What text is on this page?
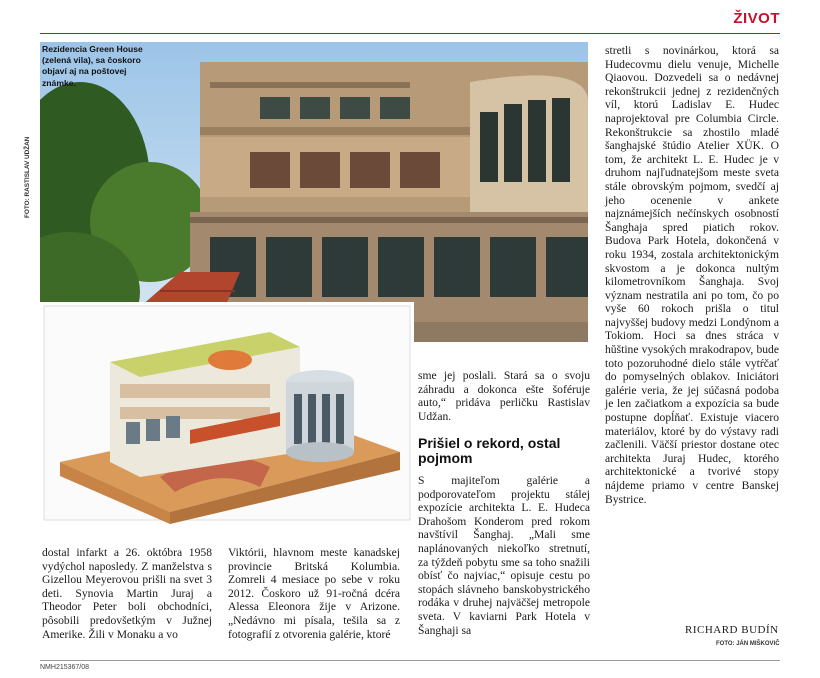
ŽIVOT
Rezidencia Green House (zelená vila), sa čoskoro objaví aj na poštovej známke.
FOTO: RASTISLAV UDŽAN

dostal infarkt a 26. októbra 1958 vydýchol naposledy. Z manželstva s Gizellou Meyerovou prišli na svet 3 deti. Synovia Martin Juraj a Theodor Peter boli obchodníci, pôsobili predovšetkým v Južnej Amerike. Žili v Monaku a vo

Viktórii, hlavnom meste kanadskej provincie Britská Kolumbia. Zomreli 4 mesiace po sebe v roku 2012. Čoskoro už 91-ročná dcéra Alessa Eleonora žije v Arizone. „Nedávno mi písala, tešila sa z fotografií z otvorenia galérie, ktoré

sme jej poslali. Stará sa o svoju záhradu a dokonca ešte šoféruje auto,“ pridáva perličku Rastislav Udžan.

Prišiel o rekord, ostal pojmom

S majiteľom galérie a podporovateľom projektu stálej expozície architekta L. E. Hudeca Drahošom Konderom pred rokom navštívil Šanghaj. „Mali sme naplánovaných niekoľko stretnutí, za týždeň pobytu sme sa toho snažili obísť čo najviac,“ opisuje cestu po stopách slávneho banskobystrického rodáka v druhej najväčšej metropole sveta. V kaviarni Park Hotela v Šanghaji sa

stretli s novinárkou, ktorá sa Hudecovmu dielu venuje, Michelle Qiaovou. Dozvedeli sa o nedávnej rekonštrukcii jednej z rezidenčných víl, ktorú Ladislav E. Hudec naprojektoval pre Columbia Circle. Rekonštrukcie sa zhostilo mladé šanghajské štúdio Atelier XÜK. O tom, že architekt L. E. Hudec je v druhom najľudnatejšom meste sveta stále obrovským pojmom, svedčí aj jeho ocenenie v ankete najznámejších nečínskych osobností Šanghaja spred piatich rokov. Budova Park Hotela, dokončená v roku 1934, zostala architektonickým skvostom a je dokonca nultým kilometrovníkom Šanghaja. Svoj význam nestratila ani po tom, čo po vyše 60 rokoch prišla o titul najvyššej budovy medzi Londýnom a Tokiom. Hoci sa dnes stráca v hŭštine vysokých mrakodrapov, bude toto pozoruhodné dielo stále vytŕčať do pomyselných oblakov. Iniciátori galérie veria, že jej súčasná podoba je len začiatkom a expozícia sa bude postupne dopĺňať. Existuje viacero materiálov, ktoré by do výstavy radi začlenili. Väčší priestor dostane otec architekta Juraj Hudec, ktorého architektonické a tvorivé stopy nájdeme priamo v centre Banskej Bystrice.

RICHARD BUDÍN
FOTO: JÁN MIŠKOVIČ
NMH215367/08
